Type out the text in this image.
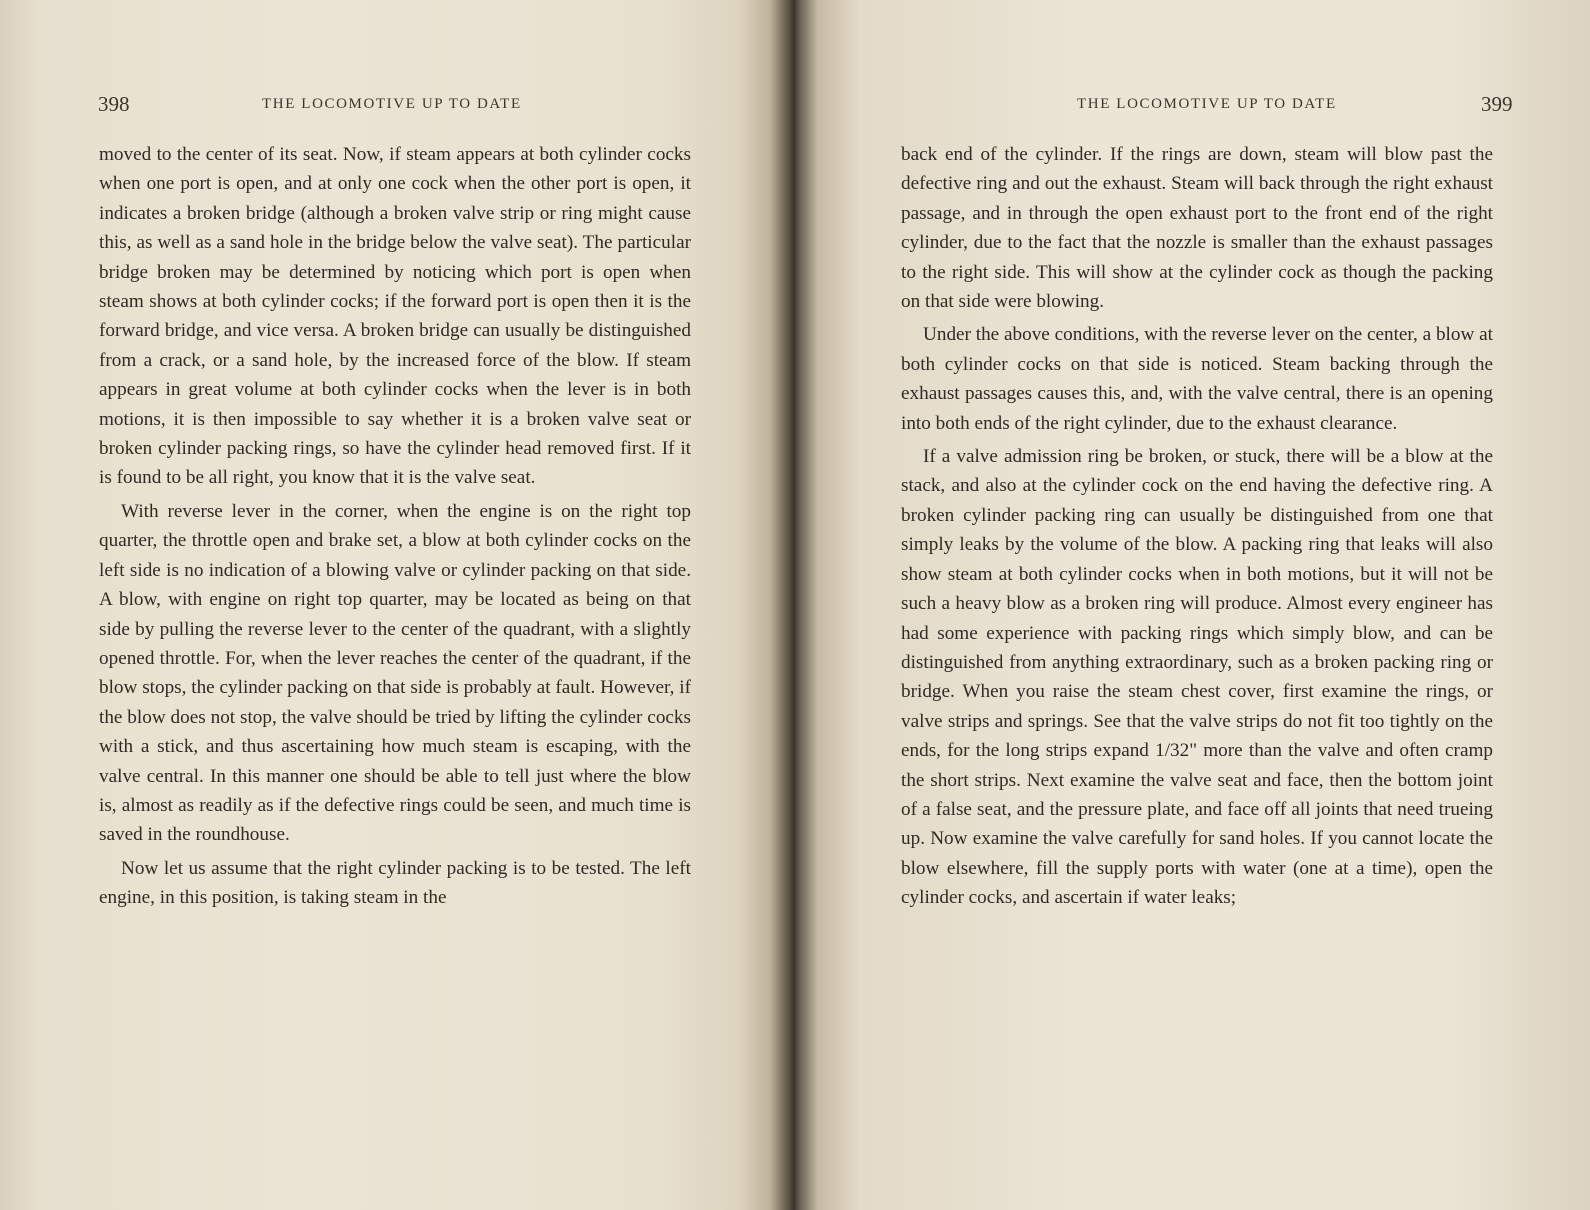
398	THE LOCOMOTIVE UP TO DATE

moved to the center of its seat. Now, if steam appears at both cylinder cocks when one port is open, and at only one cock when the other port is open, it indicates a broken bridge (although a broken valve strip or ring might cause this, as well as a sand hole in the bridge below the valve seat). The particular bridge broken may be determined by noticing which port is open when steam shows at both cylinder cocks; if the forward port is open then it is the forward bridge, and vice versa. A broken bridge can usually be distinguished from a crack, or a sand hole, by the increased force of the blow. If steam appears in great volume at both cylinder cocks when the lever is in both motions, it is then impossible to say whether it is a broken valve seat or broken cylinder packing rings, so have the cylinder head removed first. If it is found to be all right, you know that it is the valve seat.

With reverse lever in the corner, when the engine is on the right top quarter, the throttle open and brake set, a blow at both cylinder cocks on the left side is no indication of a blowing valve or cylinder packing on that side. A blow, with engine on right top quarter, may be located as being on that side by pulling the reverse lever to the center of the quadrant, with a slightly opened throttle. For, when the lever reaches the center of the quadrant, if the blow stops, the cylinder packing on that side is probably at fault. However, if the blow does not stop, the valve should be tried by lifting the cylinder cocks with a stick, and thus ascertaining how much steam is escaping, with the valve central. In this manner one should be able to tell just where the blow is, almost as readily as if the defective rings could be seen, and much time is saved in the roundhouse.

Now let us assume that the right cylinder packing is to be tested. The left engine, in this position, is taking steam in the

THE LOCOMOTIVE UP TO DATE	399

back end of the cylinder. If the rings are down, steam will blow past the defective ring and out the exhaust. Steam will back through the right exhaust passage, and in through the open exhaust port to the front end of the right cylinder, due to the fact that the nozzle is smaller than the exhaust passages to the right side. This will show at the cylinder cock as though the packing on that side were blowing.

Under the above conditions, with the reverse lever on the center, a blow at both cylinder cocks on that side is noticed. Steam backing through the exhaust passages causes this, and, with the valve central, there is an opening into both ends of the right cylinder, due to the exhaust clearance.

If a valve admission ring be broken, or stuck, there will be a blow at the stack, and also at the cylinder cock on the end having the defective ring. A broken cylinder packing ring can usually be distinguished from one that simply leaks by the volume of the blow. A packing ring that leaks will also show steam at both cylinder cocks when in both motions, but it will not be such a heavy blow as a broken ring will produce. Almost every engineer has had some experience with packing rings which simply blow, and can be distinguished from anything extraordinary, such as a broken packing ring or bridge. When you raise the steam chest cover, first examine the rings, or valve strips and springs. See that the valve strips do not fit too tightly on the ends, for the long strips expand 1/32" more than the valve and often cramp the short strips. Next examine the valve seat and face, then the bottom joint of a false seat, and the pressure plate, and face off all joints that need trueing up. Now examine the valve carefully for sand holes. If you cannot locate the blow elsewhere, fill the supply ports with water (one at a time), open the cylinder cocks, and ascertain if water leaks;
